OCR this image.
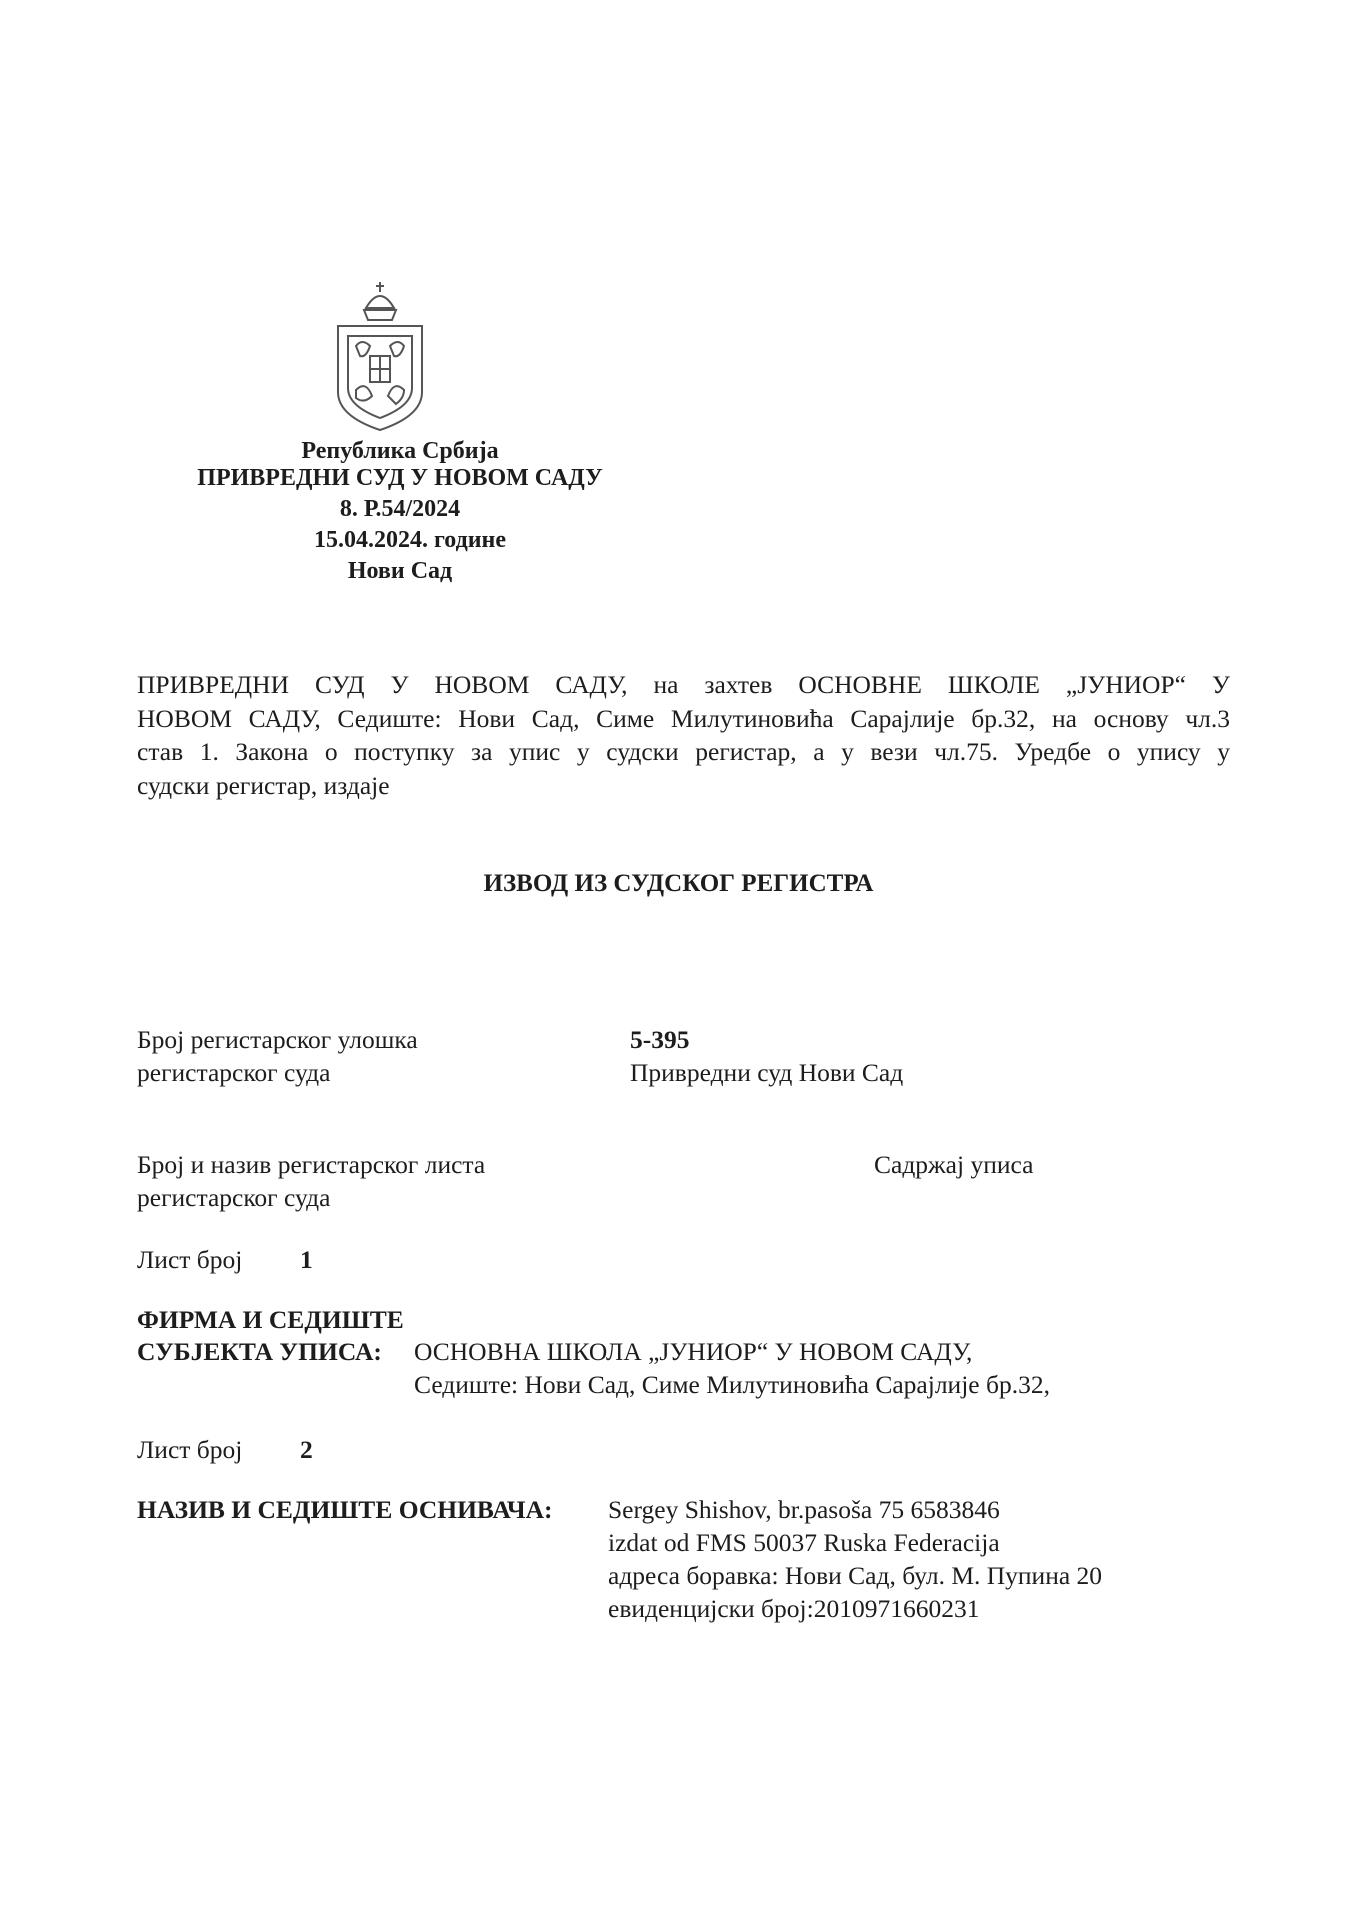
Република Србија
ПРИВРЕДНИ СУД У НОВОМ САДУ
8. Р.54/2024
15.04.2024. године
Нови Сад
ПРИВРЕДНИ СУД У НОВОМ САДУ, на захтев ОСНОВНЕ ШКОЛЕ „ЈУНИОР“ У
НОВОМ САДУ, Седиште: Нови Сад, Симе Милутиновића Сарајлије бр.32, на основу чл.3
став 1. Закона о поступку за упис у судски регистар, а у вези чл.75. Уредбе о упису у
судски регистар, издаје
ИЗВОД ИЗ СУДСКОГ РЕГИСТРА
Број регистарског улошка
регистарског суда
5-395
Привредни суд Нови Сад
Број и назив регистарског листа
регистарског суда
Садржај уписа
Лист број 1
ФИРМА И СЕДИШТЕ
СУБЈЕКТА УПИСА: ОСНОВНА ШКОЛА „ЈУНИОР“ У НОВОМ САДУ,
Седиште: Нови Сад, Симе Милутиновића Сарајлије бр.32,
Лист број 2
НАЗИВ И СЕДИШТЕ ОСНИВАЧА: Sergey Shishov, br.pasoša 75 6583846
izdat od FMS 50037 Ruska Federacija
адреса боравка: Нови Сад, бул. М. Пупина 20
евиденцијски број:2010971660231
